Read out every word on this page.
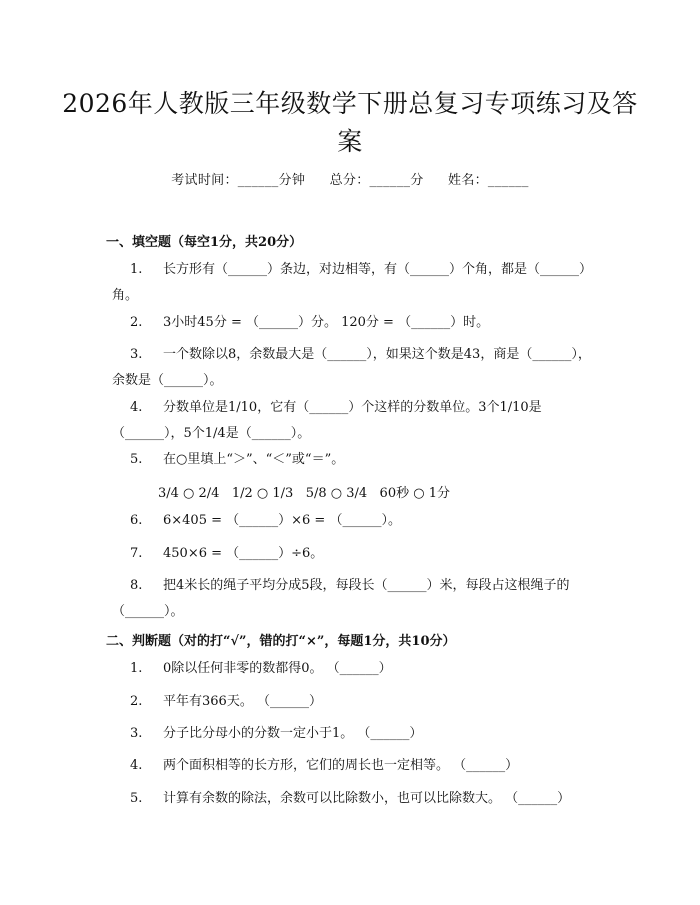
2026年人教版三年级数学下册总复习专项练习及答案
考试时间：______分钟 总分：______分 姓名：______
一、填空题（每空1分，共20分）
1. 长方形有（______）条边，对边相等，有（______）个角，都是（______）角。
2. 3小时45分 = （______）分。 120分 = （______）时。
3. 一个数除以8，余数最大是（______），如果这个数是43，商是（______），余数是（______）。
4. 分数单位是1/10，它有（______）个这样的分数单位。3个1/10是（______），5个1/4是（______）。
5. 在○里填上“＞”、“＜”或“＝”。
3/4 ○ 2/4   1/2 ○ 1/3   5/8 ○ 3/4   60秒 ○ 1分
6. 6×405 = （______）×6 = （______）。
7. 450×6 = （______）÷6。
8. 把4米长的绳子平均分成5段，每段长（______）米，每段占这根绳子的（______）。
二、判断题（对的打“√”，错的打“×”，每题1分，共10分）
1. 0除以任何非零的数都得0。 （______）
2. 平年有366天。 （______）
3. 分子比分母小的分数一定小于1。 （______）
4. 两个面积相等的长方形，它们的周长也一定相等。 （______）
5. 计算有余数的除法，余数可以比除数小，也可以比除数大。 （______）
